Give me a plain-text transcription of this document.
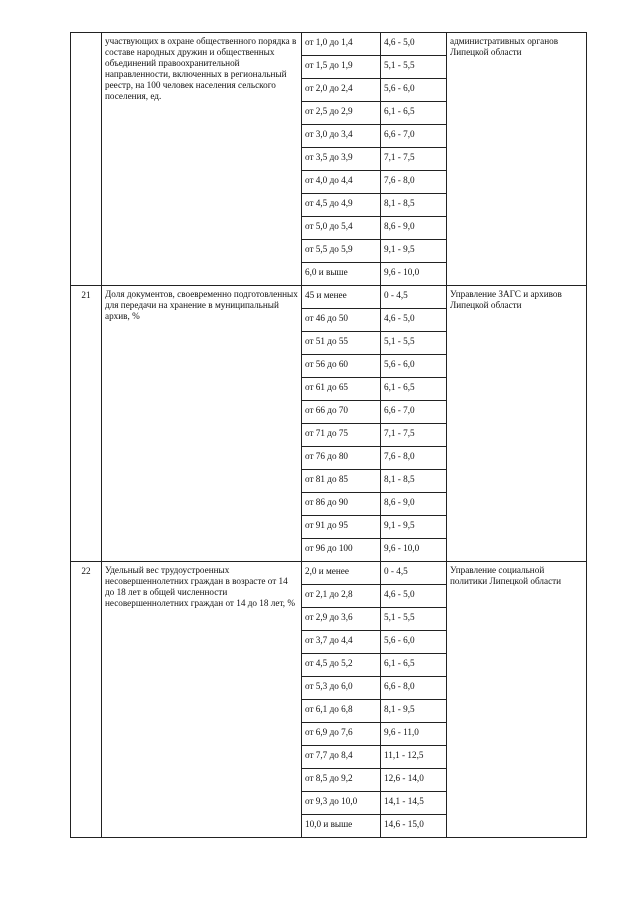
	участвующих в охране общественного порядка в составе народных дружин и общественных объединений правоохранительной направленности, включенных в региональный реестр, на 100 человек населения сельского поселения, ед.	от 1,0 до 1,4	4,6 - 5,0	административных органов Липецкой области
		от 1,5 до 1,9	5,1 - 5,5	
		от 2,0 до 2,4	5,6 - 6,0	
		от 2,5 до 2,9	6,1 - 6,5	
		от 3,0 до 3,4	6,6 - 7,0	
		от 3,5 до 3,9	7,1 - 7,5	
		от 4,0 до 4,4	7,6 - 8,0	
		от 4,5 до 4,9	8,1 - 8,5	
		от 5,0 до 5,4	8,6 - 9,0	
		от 5,5 до 5,9	9,1 - 9,5	
		6,0 и выше	9,6 - 10,0	
21	Доля документов, своевременно подготовленных для передачи на хранение в муниципальный архив, %	45 и менее	0 - 4,5	Управление ЗАГС и архивов Липецкой области
		от 46 до 50	4,6 - 5,0	
		от 51 до 55	5,1 - 5,5	
		от 56 до 60	5,6 - 6,0	
		от 61 до 65	6,1 - 6,5	
		от 66 до 70	6,6 - 7,0	
		от 71 до 75	7,1 - 7,5	
		от 76 до 80	7,6 - 8,0	
		от 81 до 85	8,1 - 8,5	
		от 86 до 90	8,6 - 9,0	
		от 91 до 95	9,1 - 9,5	
		от 96 до 100	9,6 - 10,0	
22	Удельный вес трудоустроенных несовершеннолетних граждан в возрасте от 14 до 18 лет в общей численности несовершеннолетних граждан от 14 до 18 лет, %	2,0 и менее	0 - 4,5	Управление социальной политики Липецкой области
		от 2,1 до 2,8	4,6 - 5,0	
		от 2,9 до 3,6	5,1 - 5,5	
		от 3,7 до 4,4	5,6 - 6,0	
		от 4,5 до 5,2	6,1 - 6,5	
		от 5,3 до 6,0	6,6 - 8,0	
		от 6,1 до 6,8	8,1 - 9,5	
		от 6,9 до 7,6	9,6 - 11,0	
		от 7,7 до 8,4	11,1 - 12,5	
		от 8,5 до 9,2	12,6 - 14,0	
		от 9,3 до 10,0	14,1 - 14,5	
		10,0 и выше	14,6 - 15,0	
